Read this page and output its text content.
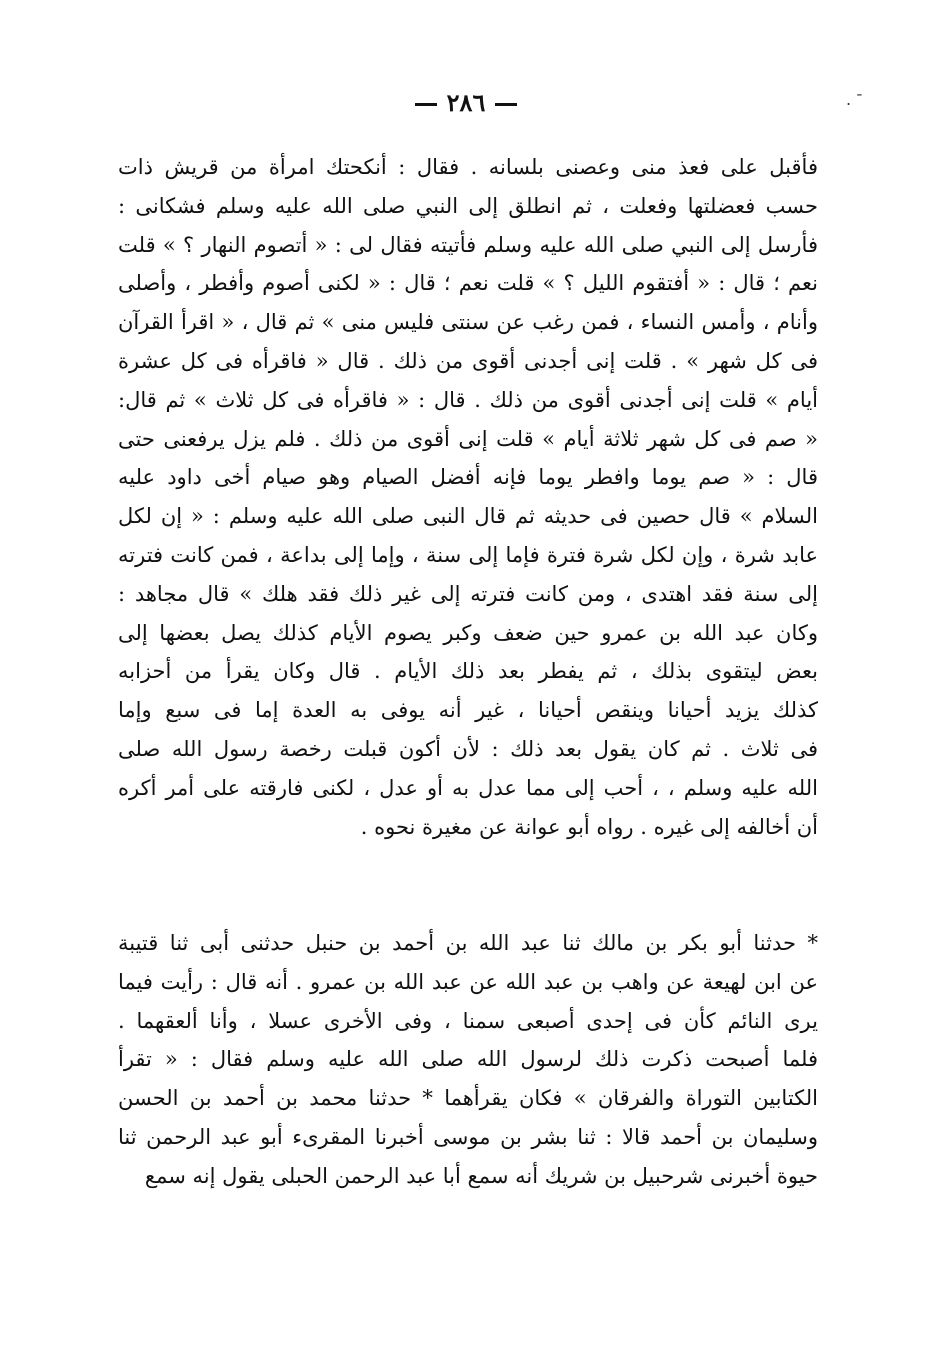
. ־
٢٨٦
فأقبل على فعذ منى وعصنى بلسانه . فقال : أنكحتك امرأة من قريش ذات
حسب فعضلتها وفعلت ، ثم انطلق إلى النبي صلى الله عليه وسلم فشكانى :
فأرسل إلى النبي صلى الله عليه وسلم فأتيته فقال لى : « أتصوم النهار ؟ » قلت
نعم ؛ قال : « أفتقوم الليل ؟ » قلت نعم ؛ قال : « لكنى أصوم وأفطر ، وأصلى
وأنام ، وأمس النساء ، فمن رغب عن سنتى فليس منى » ثم قال ، « اقرأ القرآن
فى كل شهر » . قلت إنى أجدنى أقوى من ذلك . قال « فاقرأه فى كل عشرة
أيام » قلت إنى أجدنى أقوى من ذلك . قال : « فاقرأه فى كل ثلاث » ثم قال:
« صم فى كل شهر ثلاثة أيام » قلت إنى أقوى من ذلك . فلم يزل يرفعنى حتى
قال : « صم يوما وافطر يوما فإنه أفضل الصيام وهو صيام أخى داود عليه
السلام » قال حصين فى حديثه ثم قال النبى صلى الله عليه وسلم : « إن لكل
عابد شرة ، وإن لكل شرة فترة فإما إلى سنة ، وإما إلى بداعة ، فمن كانت فترته
إلى سنة فقد اهتدى ، ومن كانت فترته إلى غير ذلك فقد هلك » قال مجاهد :
وكان عبد الله بن عمرو حين ضعف وكبر يصوم الأيام كذلك يصل بعضها إلى
بعض ليتقوى بذلك ، ثم يفطر بعد ذلك الأيام . قال وكان يقرأ من أحزابه
كذلك يزيد أحيانا وينقص أحيانا ، غير أنه يوفى به العدة إما فى سبع وإما
فى ثلاث . ثم كان يقول بعد ذلك : لأن أكون قبلت رخصة رسول الله صلى
الله عليه وسلم ، ، أحب إلى مما عدل به أو عدل ، لكنى فارقته على أمر أكره
أن أخالفه إلى غيره . رواه أبو عوانة عن مغيرة نحوه .
* حدثنا أبو بكر بن مالك ثنا عبد الله بن أحمد بن حنبل حدثنى أبى ثنا قتيبة
عن ابن لهيعة عن واهب بن عبد الله عن عبد الله بن عمرو . أنه قال : رأيت فيما
يرى النائم كأن فى إحدى أصبعى سمنا ، وفى الأخرى عسلا ، وأنا ألعقهما .
فلما أصبحت ذكرت ذلك لرسول الله صلى الله عليه وسلم فقال : « تقرأ
الكتابين التوراة والفرقان » فكان يقرأهما * حدثنا محمد بن أحمد بن الحسن
وسليمان بن أحمد قالا : ثنا بشر بن موسى أخبرنا المقرىء أبو عبد الرحمن ثنا
حيوة أخبرنى شرحبيل بن شريك أنه سمع أبا عبد الرحمن الحبلى يقول إنه سمع
